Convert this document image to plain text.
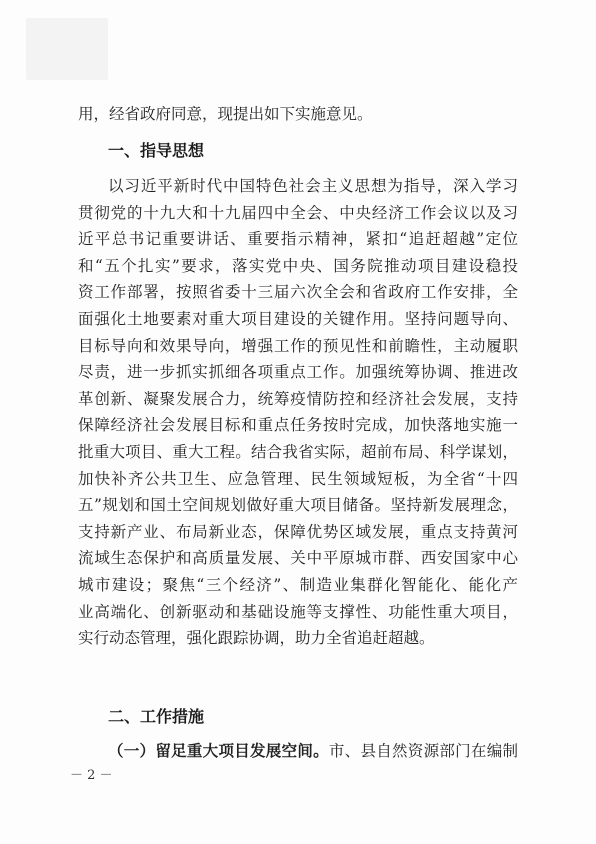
用，经省政府同意，现提出如下实施意见。
一、指导思想
以习近平新时代中国特色社会主义思想为指导，深入学习
贯彻党的十九大和十九届四中全会、中央经济工作会议以及习
近平总书记重要讲话、重要指示精神，紧扣“追赶超越”定位
和“五个扎实”要求，落实党中央、国务院推动项目建设稳投
资工作部署，按照省委十三届六次全会和省政府工作安排，全
面强化土地要素对重大项目建设的关键作用。坚持问题导向、
目标导向和效果导向，增强工作的预见性和前瞻性，主动履职
尽责，进一步抓实抓细各项重点工作。加强统筹协调、推进改
革创新、凝聚发展合力，统筹疫情防控和经济社会发展，支持
保障经济社会发展目标和重点任务按时完成，加快落地实施一
批重大项目、重大工程。结合我省实际，超前布局、科学谋划，
加快补齐公共卫生、应急管理、民生领域短板，为全省“十四
五”规划和国土空间规划做好重大项目储备。坚持新发展理念，
支持新产业、布局新业态，保障优势区域发展，重点支持黄河
流域生态保护和高质量发展、关中平原城市群、西安国家中心
城市建设；聚焦“三个经济”、制造业集群化智能化、能化产
业高端化、创新驱动和基础设施等支撑性、功能性重大项目，
实行动态管理，强化跟踪协调，助力全省追赶超越。
二、工作措施
（一）留足重大项目发展空间。市、县自然资源部门在编制
－ 2 －
